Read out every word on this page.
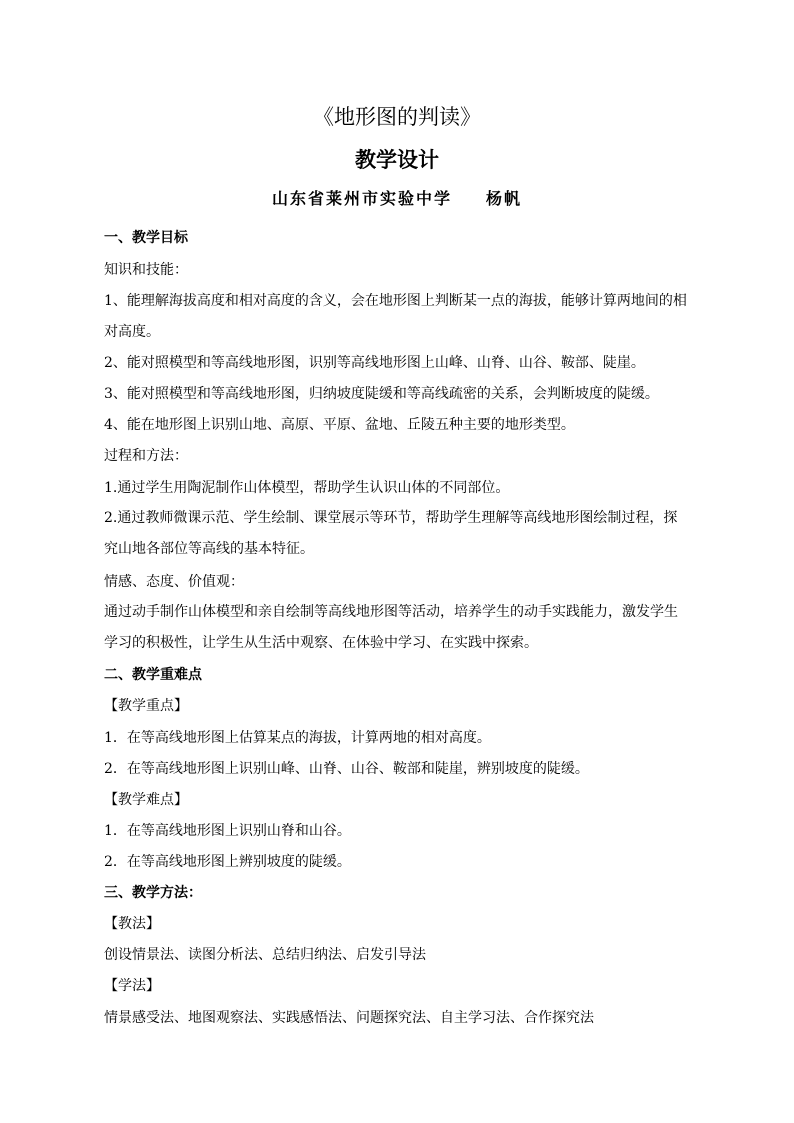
《地形图的判读》
教学设计
山东省莱州市实验中学 杨帆
一、教学目标
知识和技能：
1、能理解海拔高度和相对高度的含义，会在地形图上判断某一点的海拔，能够计算两地间的相对高度。
2、能对照模型和等高线地形图，识别等高线地形图上山峰、山脊、山谷、鞍部、陡崖。
3、能对照模型和等高线地形图，归纳坡度陡缓和等高线疏密的关系，会判断坡度的陡缓。
4、能在地形图上识别山地、高原、平原、盆地、丘陵五种主要的地形类型。
过程和方法：
1.通过学生用陶泥制作山体模型，帮助学生认识山体的不同部位。
2.通过教师微课示范、学生绘制、课堂展示等环节，帮助学生理解等高线地形图绘制过程，探究山地各部位等高线的基本特征。
情感、态度、价值观：
通过动手制作山体模型和亲自绘制等高线地形图等活动，培养学生的动手实践能力，激发学生学习的积极性，让学生从生活中观察、在体验中学习、在实践中探索。
二、教学重难点
【教学重点】
1．在等高线地形图上估算某点的海拔，计算两地的相对高度。
2．在等高线地形图上识别山峰、山脊、山谷、鞍部和陡崖，辨别坡度的陡缓。
【教学难点】
1．在等高线地形图上识别山脊和山谷。
2．在等高线地形图上辨别坡度的陡缓。
三、教学方法：
【教法】
创设情景法、读图分析法、总结归纳法、启发引导法
【学法】
情景感受法、地图观察法、实践感悟法、问题探究法、自主学习法、合作探究法
